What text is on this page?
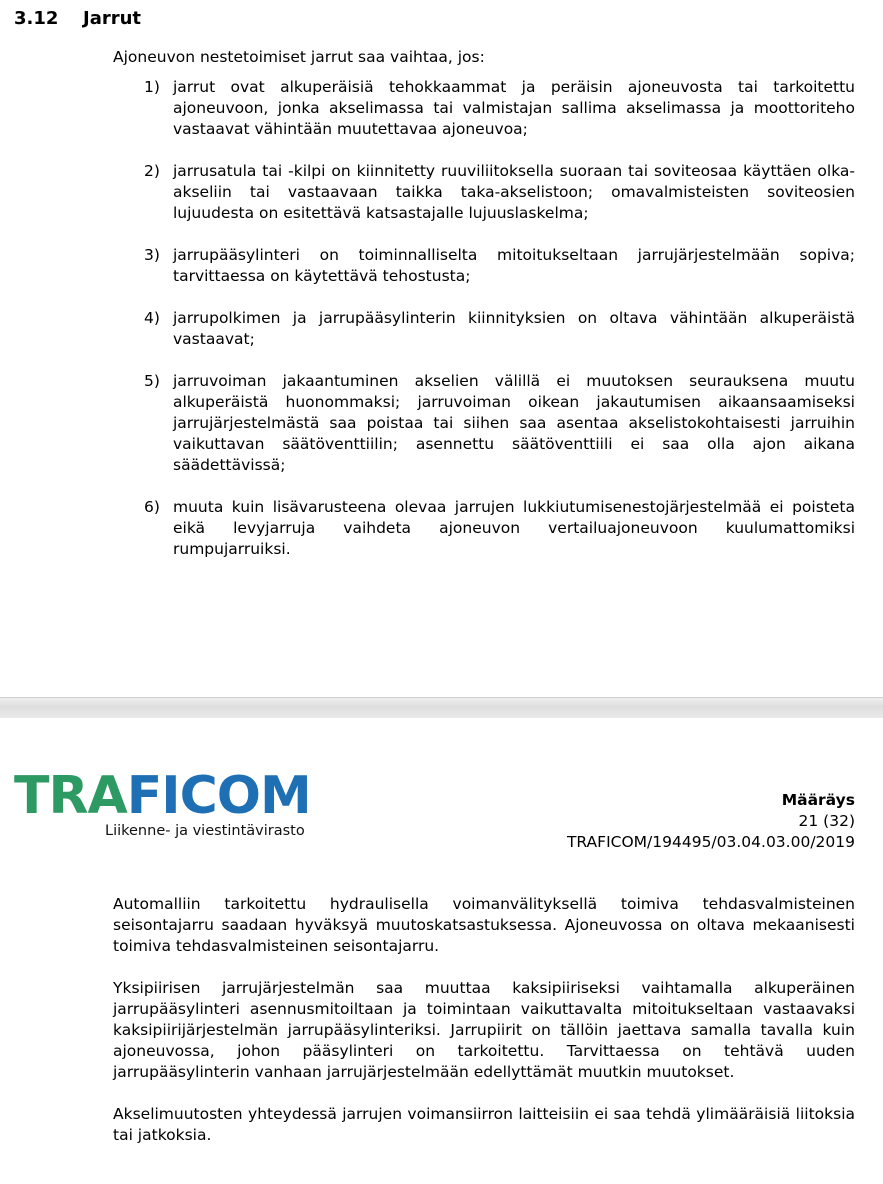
3.12 Jarrut

Ajoneuvon nestetoimiset jarrut saa vaihtaa, jos:

1) jarrut ovat alkuperäisiä tehokkaammat ja peräisin ajoneuvosta tai tarkoitettu ajoneuvoon, jonka akselimassa tai valmistajan sallima akselimassa ja moottoriteho vastaavat vähintään muutettavaa ajoneuvoa;
2) jarrusatula tai -kilpi on kiinnitetty ruuviliitoksella suoraan tai soviteosaa käyttäen olka-akseliin tai vastaavaan taikka taka-akselistoon; omavalmisteisten soviteosien lujuudesta on esitettävä katsastajalle lujuuslaskelma;
3) jarrupääsylinteri on toiminnalliselta mitoitukseltaan jarrujärjestelmään sopiva; tarvittaessa on käytettävä tehostusta;
4) jarrupolkimen ja jarrupääsylinterin kiinnityksien on oltava vähintään alkuperäistä vastaavat;
5) jarruvoiman jakaantuminen akselien välillä ei muutoksen seurauksena muutu alkuperäistä huonommaksi; jarruvoiman oikean jakautumisen aikaansaamiseksi jarrujärjestelmästä saa poistaa tai siihen saa asentaa akselistokohtaisesti jarruihin vaikuttavan säätöventtiilin; asennettu säätöventtiili ei saa olla ajon aikana säädettävissä;
6) muuta kuin lisävarusteena olevaa jarrujen lukkiutumisenestojärjestelmää ei poisteta eikä levyjarruja vaihdeta ajoneuvon vertailuajoneuvoon kuulumattomiksi rumpujarruiksi.
TRAFICOM
Liikenne- ja viestintävirasto
Määräys
21 (32)
TRAFICOM/194495/03.04.03.00/2019

Automalliin tarkoitettu hydraulisella voimanvälityksellä toimiva tehdasvalmisteinen seisontajarru saadaan hyväksyä muutoskatsastuksessa. Ajoneuvossa on oltava mekaanisesti toimiva tehdasvalmisteinen seisontajarru.

Yksipiirisen jarrujärjestelmän saa muuttaa kaksipiiriseksi vaihtamalla alkuperäinen jarrupääsylinteri asennusmitoiltaan ja toimintaan vaikuttavalta mitoitukseltaan vastaavaksi kaksipiirijärjestelmän jarrupääsylinteriksi. Jarrupiirit on tällöin jaettava samalla tavalla kuin ajoneuvossa, johon pääsylinteri on tarkoitettu. Tarvittaessa on tehtävä uuden jarrupääsylinterin vanhaan jarrujärjestelmään edellyttämät muutkin muutokset.

Akselimuutosten yhteydessä jarrujen voimansiirron laitteisiin ei saa tehdä ylimääräisiä liitoksia tai jatkoksia.
